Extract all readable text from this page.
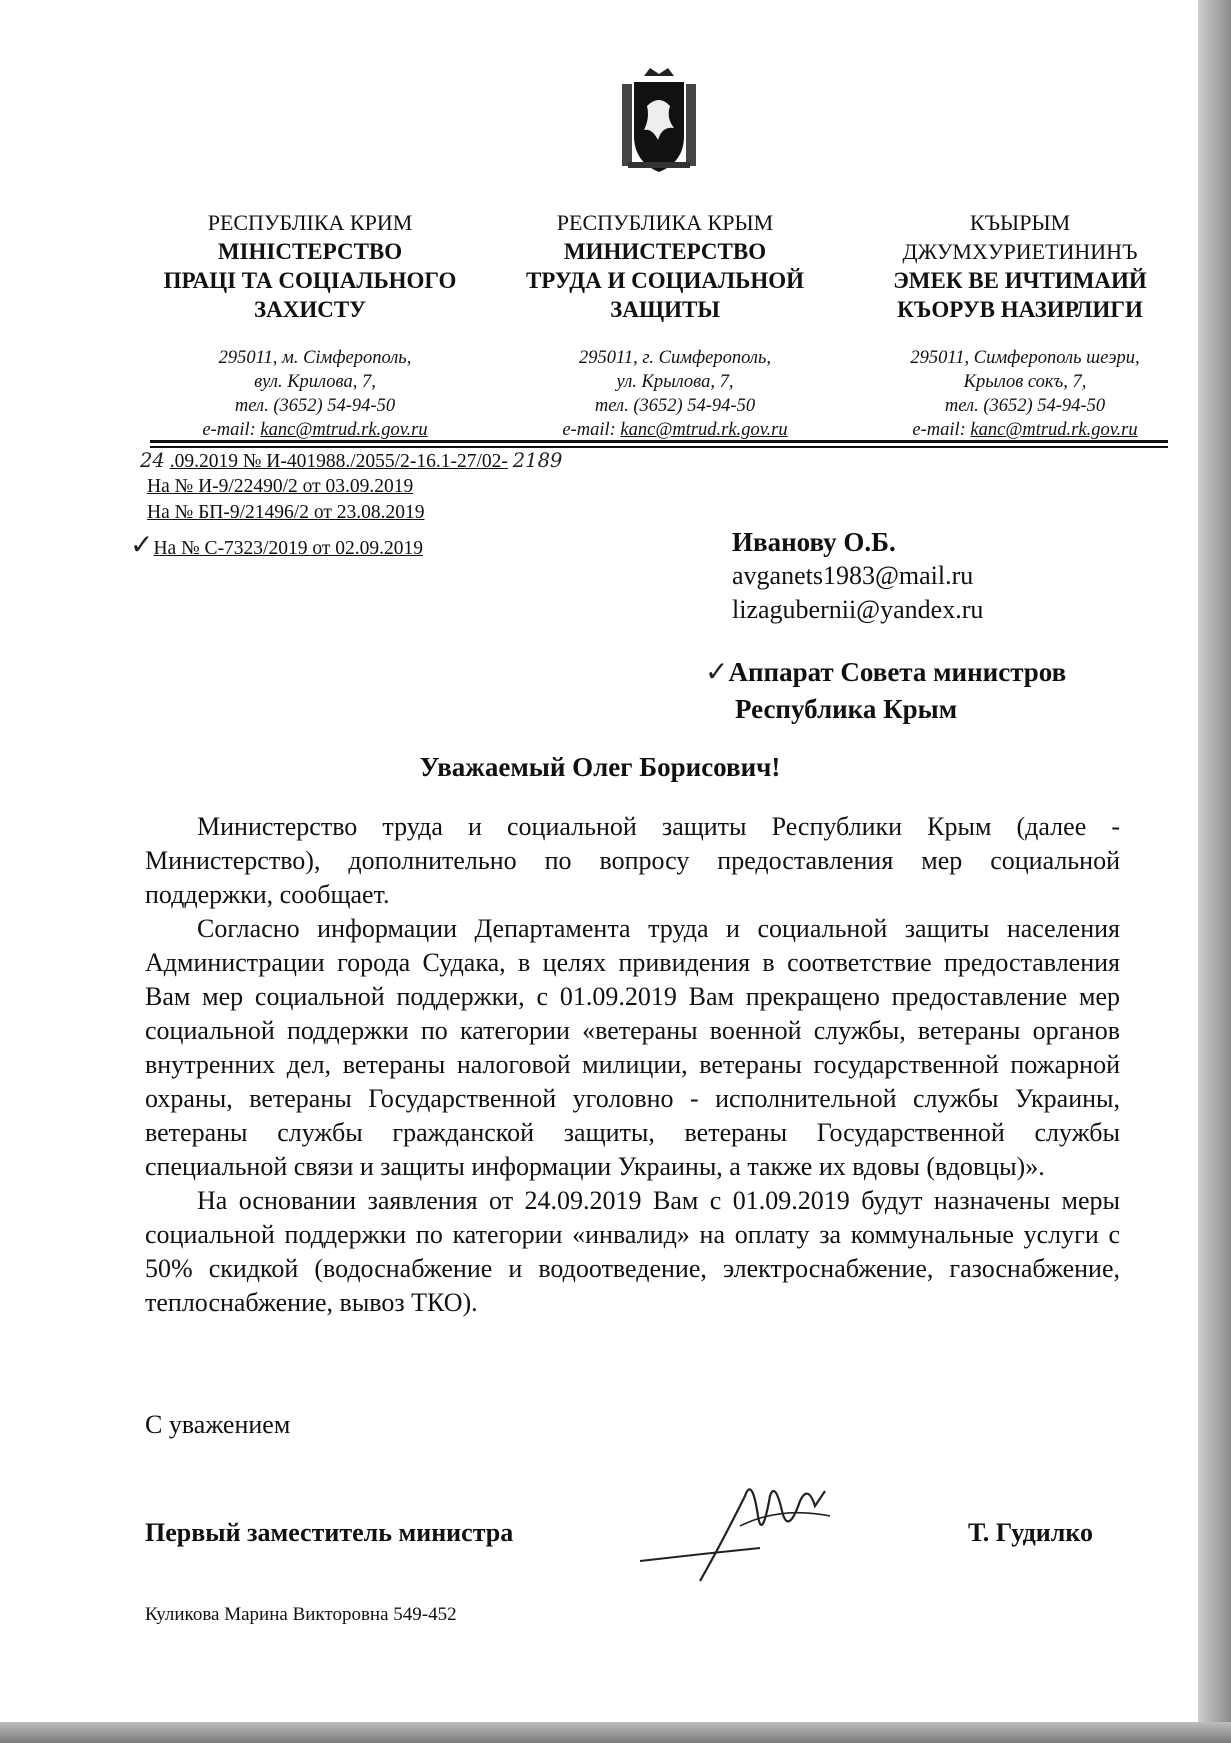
РЕСПУБЛІКА КРИМ
МІНІСТЕРСТВО
ПРАЦІ ТА СОЦІАЛЬНОГО
ЗАХИСТУ
РЕСПУБЛИКА КРЫМ
МИНИСТЕРСТВО
ТРУДА И СОЦИАЛЬНОЙ
ЗАЩИТЫ
КЪЫРЫМ
ДЖУМХУРИЕТИНИНЪ
ЭМЕК ВЕ ИЧТИМАИЙ
КЪОРУВ НАЗИРЛИГИ
295011, м. Сімферополь,
вул. Крилова, 7,
тел. (3652) 54-94-50
e-mail: kanc@mtrud.rk.gov.ru
295011, г. Симферополь,
ул. Крылова, 7,
тел. (3652) 54-94-50
e-mail: kanc@mtrud.rk.gov.ru
295011, Симферополь шеэри,
Крылов сокъ, 7,
тел. (3652) 54-94-50
e-mail: kanc@mtrud.rk.gov.ru
24 .09.2019 № И-401988./2055/2-16.1-27/02- 2189
На № И-9/22490/2 от 03.09.2019
На № БП-9/21496/2 от 23.08.2019
✓На № С-7323/2019 от 02.09.2019	Иванову О.Б.
avganets1983@mail.ru
lizagubernii@yandex.ru
✓Аппарат Совета министров
Республика Крым
Уважаемый Олег Борисович!

Министерство труда и социальной защиты Республики Крым (далее - Министерство), дополнительно по вопросу предоставления мер социальной поддержки, сообщает.

Согласно информации Департамента труда и социальной защиты населения Администрации города Судака, в целях привидения в соответствие предоставления Вам мер социальной поддержки, с 01.09.2019 Вам прекращено предоставление мер социальной поддержки по категории «ветераны военной службы, ветераны органов внутренних дел, ветераны налоговой милиции, ветераны государственной пожарной охраны, ветераны Государственной уголовно - исполнительной службы Украины, ветераны службы гражданской защиты, ветераны Государственной службы специальной связи и защиты информации Украины, а также их вдовы (вдовцы)».

На основании заявления от 24.09.2019 Вам с 01.09.2019 будут назначены меры социальной поддержки по категории «инвалид» на оплату за коммунальные услуги с 50% скидкой (водоснабжение и водоотведение, электроснабжение, газоснабжение, теплоснабжение, вывоз ТКО).

С уважением
Первый заместитель министра	Т. Гудилко
Куликова Марина Викторовна 549-452
